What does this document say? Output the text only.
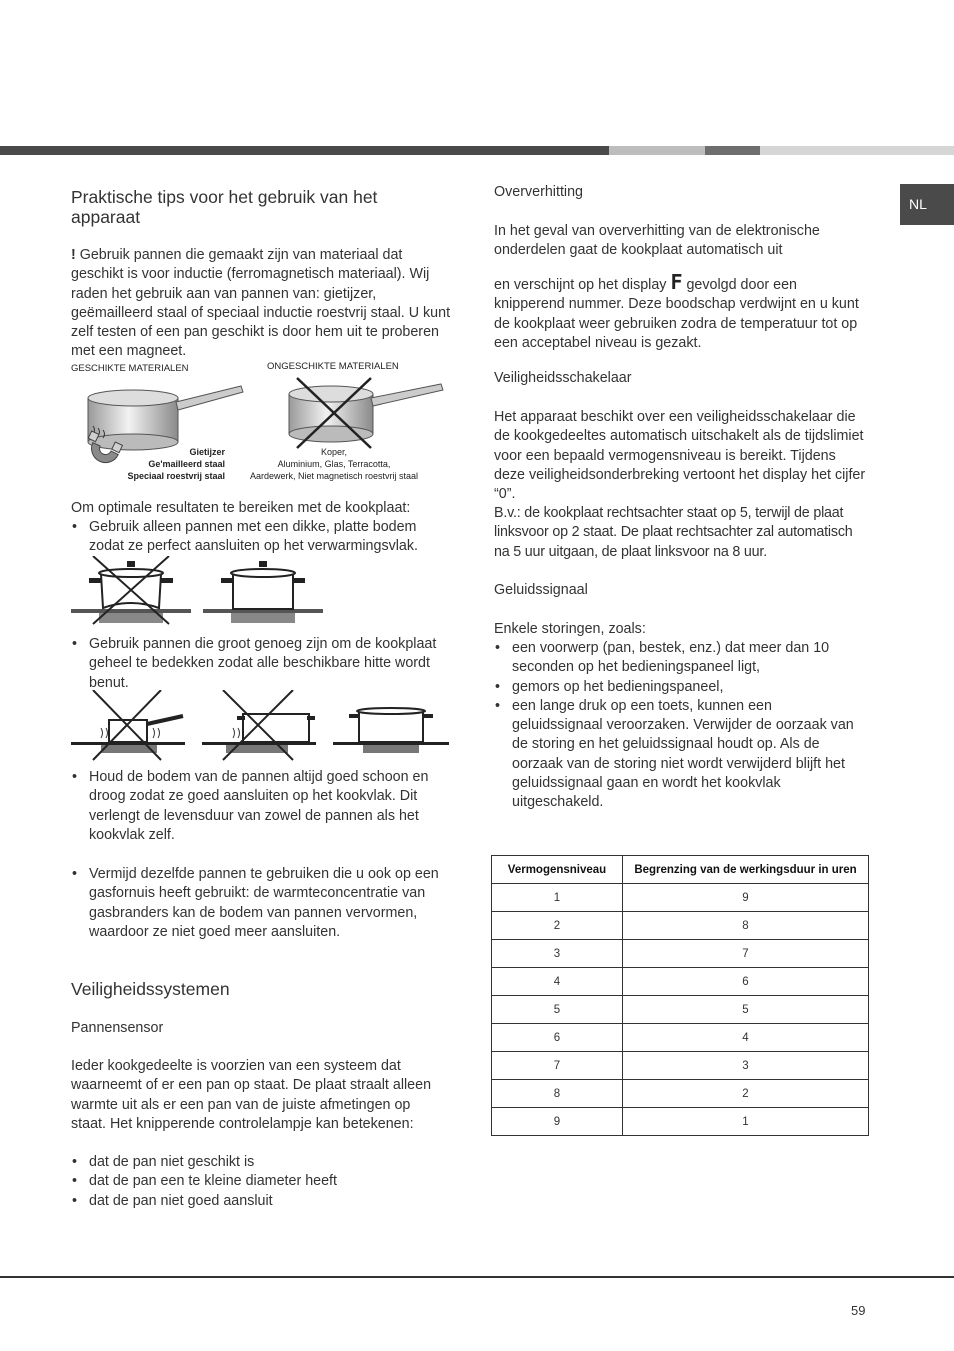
NL
Praktische tips voor het gebruik van het apparaat
! Gebruik pannen die gemaakt zijn van materiaal dat geschikt is voor inductie (ferromagnetisch materiaal). Wij raden het gebruik aan van pannen van: gietijzer, geëmailleerd staal of speciaal inductie roestvrij staal. U kunt zelf testen of een pan geschikt is door hem uit te proberen met een magneet.
GESCHIKTE MATERIALEN	ONGESCHIKTE MATERIALEN
Gietijzer
Ge'mailleerd staal
Speciaal roestvrij staal
Koper,
Aluminium, Glas, Terracotta,
Aardewerk, Niet magnetisch roestvrij staal
Om optimale resultaten te bereiken met de kookplaat:
• Gebruik alleen pannen met een dikke, platte bodem zodat ze perfect aansluiten op het verwarmingsvlak.
• Gebruik pannen die groot genoeg zijn om de kookplaat geheel te bedekken zodat alle beschikbare hitte wordt benut.
• Houd de bodem van de pannen altijd goed schoon en droog zodat ze goed aansluiten op het kookvlak. Dit verlengt de levensduur van zowel de pannen als het kookvlak zelf.
• Vermijd dezelfde pannen te gebruiken die u ook op een gasfornuis heeft gebruikt: de warmteconcentratie van gasbranders kan de bodem van pannen vervormen, waardoor ze niet goed meer aansluiten.
Veiligheidssystemen
Pannensensor
Ieder kookgedeelte is voorzien van een systeem dat waarneemt of er een pan op staat. De plaat straalt alleen warmte uit als er een pan van de juiste afmetingen op staat. Het knipperende controlelampje kan betekenen:
• dat de pan niet geschikt is
• dat de pan een te kleine diameter heeft
• dat de pan niet goed aansluit
Oververhitting
In het geval van oververhitting van de elektronische onderdelen gaat de kookplaat automatisch uit
en verschijnt op het display F gevolgd door een knipperend nummer. Deze boodschap verdwijnt en u kunt de kookplaat weer gebruiken zodra de temperatuur tot op een acceptabel niveau is gezakt.
Veiligheidsschakelaar
Het apparaat beschikt over een veiligheidsschakelaar die de kookgedeeltes automatisch uitschakelt als de tijdslimiet voor een bepaald vermogensniveau is bereikt. Tijdens deze veiligheidsonderbreking vertoont het display het cijfer “0”.
B.v.: de kookplaat rechtsachter staat op 5, terwijl de plaat linksvoor op 2 staat. De plaat rechtsachter zal automatisch na 5 uur uitgaan, de plaat linksvoor na 8 uur.
Geluidssignaal
Enkele storingen, zoals:
• een voorwerp (pan, bestek, enz.) dat meer dan 10 seconden op het bedieningspaneel ligt,
• gemors op het bedieningspaneel,
• een lange druk op een toets, kunnen een geluidssignaal veroorzaken. Verwijder de oorzaak van de storing en het geluidssignaal houdt op. Als de oorzaak van de storing niet wordt verwijderd blijft het geluidssignaal gaan en wordt het kookvlak uitgeschakeld.
Vermogensniveau	Begrenzing van de werkingsduur in uren
1	9
2	8
3	7
4	6
5	5
6	4
7	3
8	2
9	1
59
